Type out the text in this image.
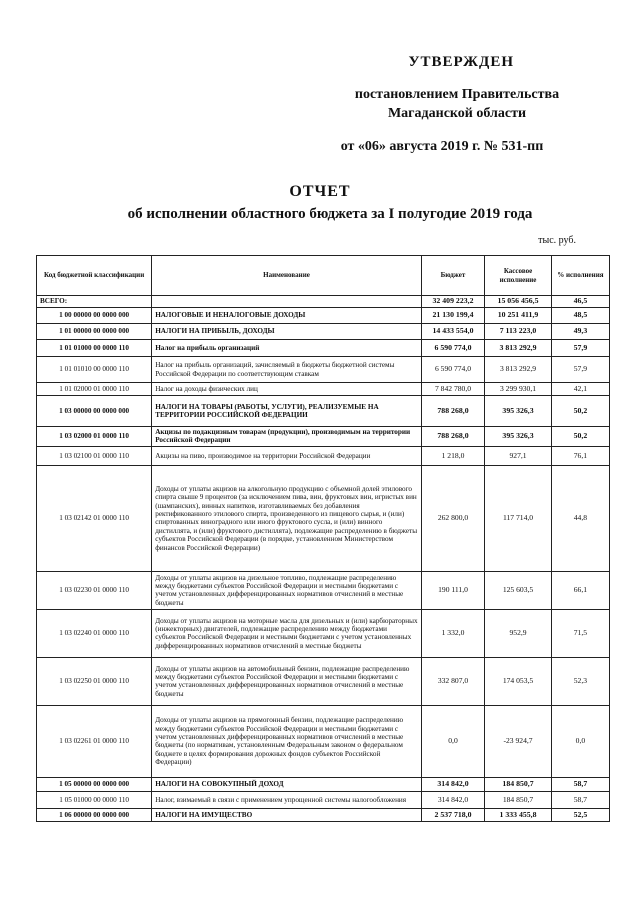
УТВЕРЖДЕН
постановлением Правительства
Магаданской области
от «06» августа 2019 г. № 531-пп
ОТЧЕТ
об исполнении областного бюджета за I полугодие 2019 года
тыс. руб.
Код бюджетной классификации	Наименование	Бюджет	Кассовое исполнение	% исполнения
ВСЕГО:		32 409 223,2	15 056 456,5	46,5
1 00 00000 00 0000 000	НАЛОГОВЫЕ И НЕНАЛОГОВЫЕ ДОХОДЫ	21 130 199,4	10 251 411,9	48,5
1 01 00000 00 0000 000	НАЛОГИ НА ПРИБЫЛЬ, ДОХОДЫ	14 433 554,0	7 113 223,0	49,3
1 01 01000 00 0000 110	Налог на прибыль организаций	6 590 774,0	3 813 292,9	57,9
1 01 01010 00 0000 110	Налог на прибыль организаций, зачисляемый в бюджеты бюджетной системы Российской Федерации по соответствующим ставкам	6 590 774,0	3 813 292,9	57,9
1 01 02000 01 0000 110	Налог на доходы физических лиц	7 842 780,0	3 299 930,1	42,1
1 03 00000 00 0000 000	НАЛОГИ НА ТОВАРЫ (РАБОТЫ, УСЛУГИ), РЕАЛИЗУЕМЫЕ НА ТЕРРИТОРИИ РОССИЙСКОЙ ФЕДЕРАЦИИ	788 268,0	395 326,3	50,2
1 03 02000 01 0000 110	Акцизы по подакцизным товарам (продукции), производимым на территории Российской Федерации	788 268,0	395 326,3	50,2
1 03 02100 01 0000 110	Акцизы на пиво, производимое на территории Российской Федерации	1 218,0	927,1	76,1
1 03 02142 01 0000 110	Доходы от уплаты акцизов на алкогольную продукцию с объемной долей этилового спирта свыше 9 процентов (за исключением пива, вин, фруктовых вин, игристых вин (шампанских), винных напитков, изготавливаемых без добавления ректификованного этилового спирта, произведенного из пищевого сырья, и (или) спиртованных виноградного или иного фруктового сусла, и (или) винного дистиллята, и (или) фруктового дистиллята), подлежащие распределению в бюджеты субъектов Российской Федерации (в порядке, установленном Министерством финансов Российской Федерации)	262 800,0	117 714,0	44,8
1 03 02230 01 0000 110	Доходы от уплаты акцизов на дизельное топливо, подлежащие распределению между бюджетами субъектов Российской Федерации и местными бюджетами с учетом установленных дифференцированных нормативов отчислений в местные бюджеты	190 111,0	125 603,5	66,1
1 03 02240 01 0000 110	Доходы от уплаты акцизов на моторные масла для дизельных и (или) карбюраторных (инжекторных) двигателей, подлежащие распределению между бюджетами субъектов Российской Федерации и местными бюджетами с учетом установленных дифференцированных нормативов отчислений в местные бюджеты	1 332,0	952,9	71,5
1 03 02250 01 0000 110	Доходы от уплаты акцизов на автомобильный бензин, подлежащие распределению между бюджетами субъектов Российской Федерации и местными бюджетами с учетом установленных дифференцированных нормативов отчислений в местные бюджеты	332 807,0	174 053,5	52,3
1 03 02261 01 0000 110	Доходы от уплаты акцизов на прямогонный бензин, подлежащие распределению между бюджетами субъектов Российской Федерации и местными бюджетами с учетом установленных дифференцированных нормативов отчислений в местные бюджеты (по нормативам, установленным Федеральным законом о федеральном бюджете в целях формирования дорожных фондов субъектов Российской Федерации)	0,0	-23 924,7	0,0
1 05 00000 00 0000 000	НАЛОГИ НА СОВОКУПНЫЙ ДОХОД	314 842,0	184 850,7	58,7
1 05 01000 00 0000 110	Налог, взимаемый в связи с применением упрощенной системы налогообложения	314 842,0	184 850,7	58,7
1 06 00000 00 0000 000	НАЛОГИ НА ИМУЩЕСТВО	2 537 718,0	1 333 455,8	52,5
